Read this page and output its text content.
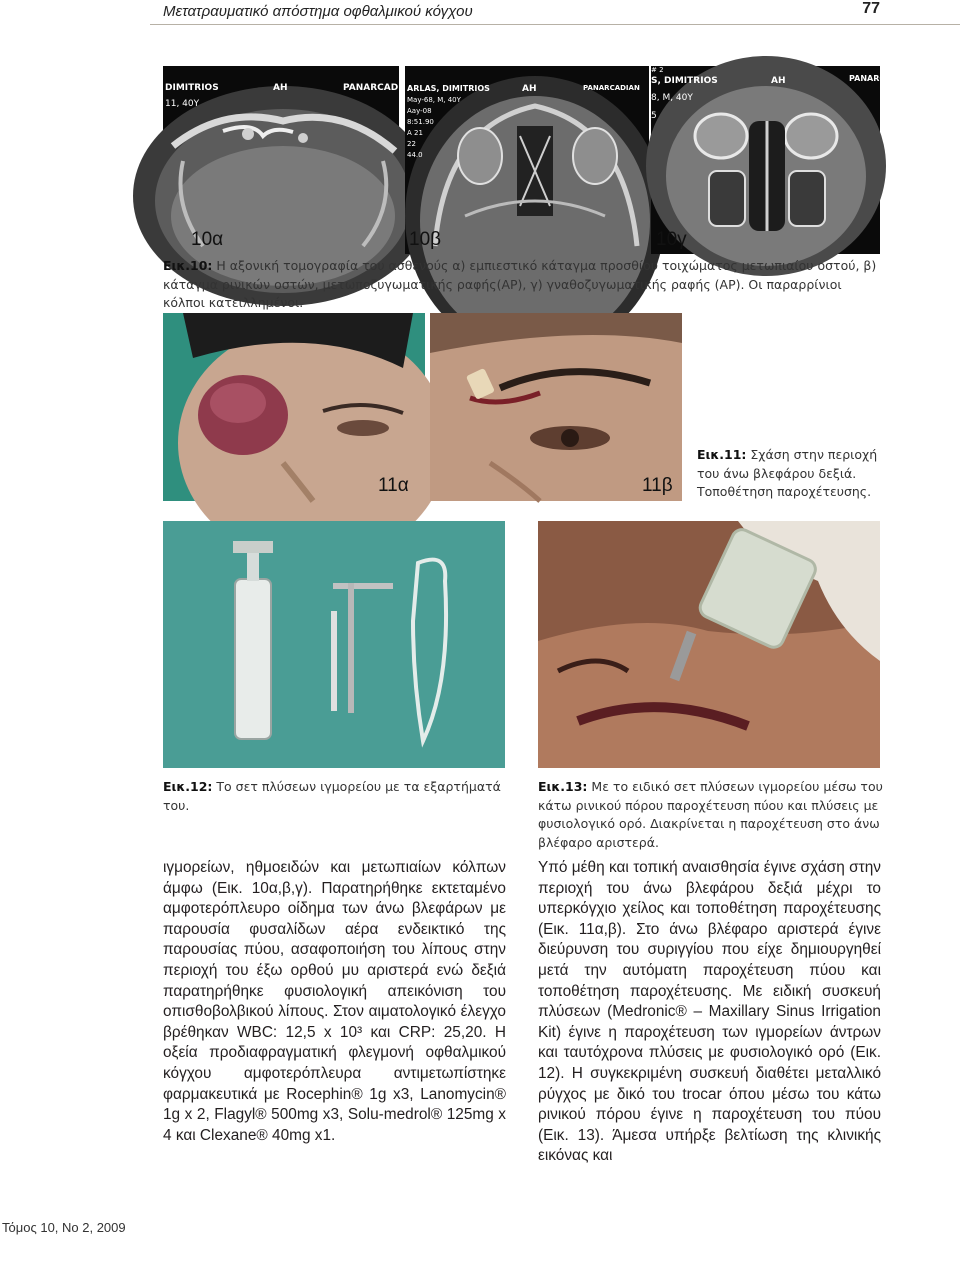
Μετατραυματικό απόστημα οφθαλμικού κόγχου	77
DIMITRIOS
11, 40Y
AH	PANARCAD
10α
ARLAS, DIMITRIOS
May-68, M, 40Y
Aay-08
8:51.90
A 21
22
44.0
AH	PANARCADIAN
10β
# 2
S, DIMITRIOS
8, M, 40Y
5
AH	PANARC
10γ
Εικ.10: Η αξονική τομογραφία του ασθενούς α) εμπιεστικό κάταγμα προσθίου τοιχώματος μετωπιαίου οστού, β) κάταγμα ρινικών οστών, μετωποζυγωματικής ραφής(ΑΡ), γ) γναθοζυγωματικής ραφής (ΑΡ). Οι παραρρίνιοι κόλποι κατειλλημένοι.
11α	11β
Εικ.11: Σχάση στην περιοχή του άνω βλεφάρου δεξιά. Τοποθέτηση παροχέτευσης.
Εικ.12: Το σετ πλύσεων ιγμορείου με τα εξαρτήματά του.
Εικ.13: Με το ειδικό σετ πλύσεων ιγμορείου μέσω του κάτω ρινικού πόρου παροχέτευση πύου και πλύσεις με φυσιολογικό ορό. Διακρίνεται η παροχέτευση στο άνω βλέφαρο αριστερά.

ιγμορείων, ηθμοειδών και μετωπιαίων κόλπων άμφω (Εικ. 10α,β,γ). Παρατηρήθηκε εκτεταμένο αμφοτερόπλευρο οίδημα των άνω βλεφάρων με παρουσία φυσαλίδων αέρα ενδεικτικό της παρουσίας πύου, ασαφοποιήση του λίπους στην περιοχή του έξω ορθού μυ αριστερά ενώ δεξιά παρατηρήθηκε φυσιολογική απεικόνιση του οπισθοβολβικού λίπους. Στον αιματολογικό έλεγχο βρέθηκαν WBC: 12,5 x 10³ και CRP: 25,20. Η οξεία προδιαφραγματική φλεγμονή οφθαλμικού κόγχου αμφοτερόπλευρα αντιμετωπίστηκε φαρμακευτικά με Rocephin® 1g x3, Lanomycin® 1g x 2, Flagyl® 500mg x3, Solu-medrol® 125mg x 4 και Clexane® 40mg x1.

Υπό μέθη και τοπική αναισθησία έγινε σχάση στην περιοχή του άνω βλεφάρου δεξιά μέχρι το υπερκόγχιο χείλος και τοποθέτηση παροχέτευσης (Εικ. 11α,β). Στο άνω βλέφαρο αριστερά έγινε διεύρυνση του συριγγίου που είχε δημιουργηθεί μετά την αυτόματη παροχέτευση πύου και τοποθέτηση παροχέτευσης. Με ειδική συσκευή πλύσεων (Medronic® – Maxillary Sinus Irrigation Kit) έγινε η παροχέτευση των ιγμορείων άντρων και ταυτόχρονα πλύσεις με φυσιολογικό ορό (Εικ. 12). Η συγκεκριμένη συσκευή διαθέτει μεταλλικό ρύγχος με δικό του trocar όπου μέσω του κάτω ρινικού πόρου έγινε η παροχέτευση του πύου (Εικ. 13). Άμεσα υπήρξε βελτίωση της κλινικής εικόνας και

Τόμος 10, Νο 2, 2009
